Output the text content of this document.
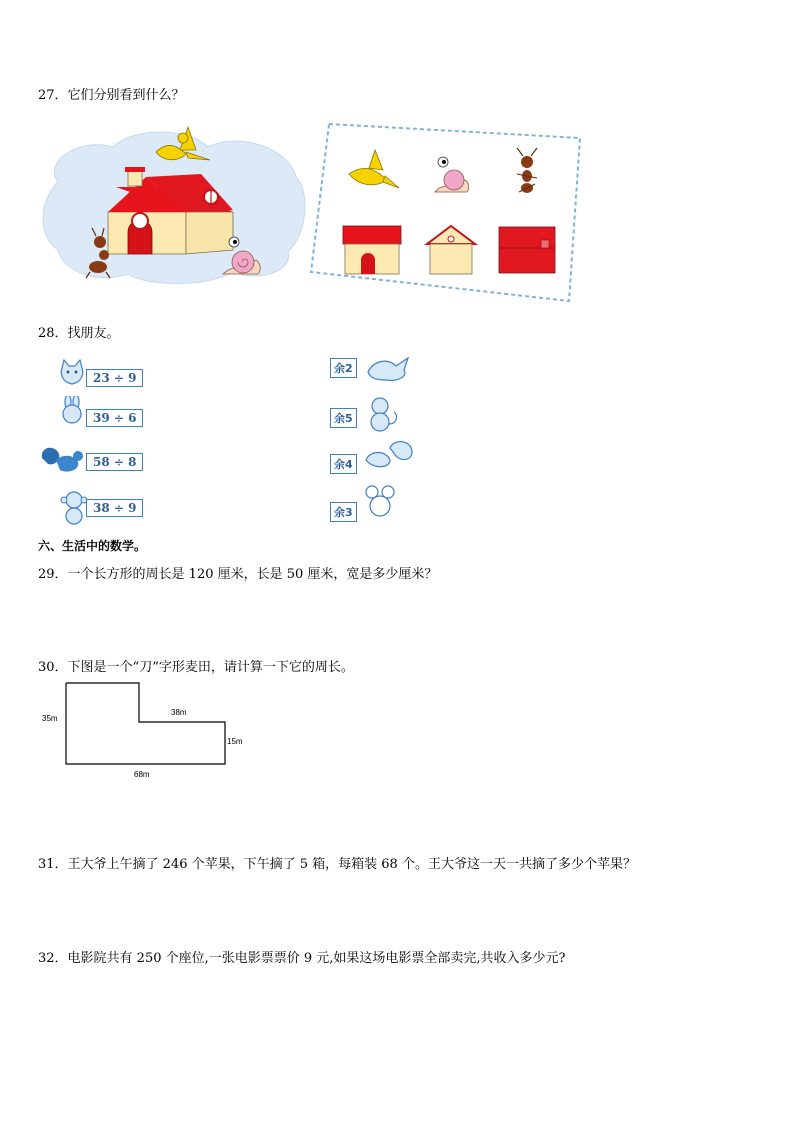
27．它们分别看到什么？
28．找朋友。
23 ÷ 9
39 ÷ 6
58 ÷ 8
38 ÷ 9
余2
余5
余4
余3
六、生活中的数学。
29．一个长方形的周长是 120 厘米，长是 50 厘米，宽是多少厘米？
30．下图是一个“刀”字形麦田，请计算一下它的周长。
35m
38m
15m
68m
31．王大爷上午摘了 246 个苹果，下午摘了 5 箱，每箱装 68 个。王大爷这一天一共摘了多少个苹果？
32．电影院共有 250 个座位,一张电影票票价 9 元,如果这场电影票全部卖完,共收入多少元?
